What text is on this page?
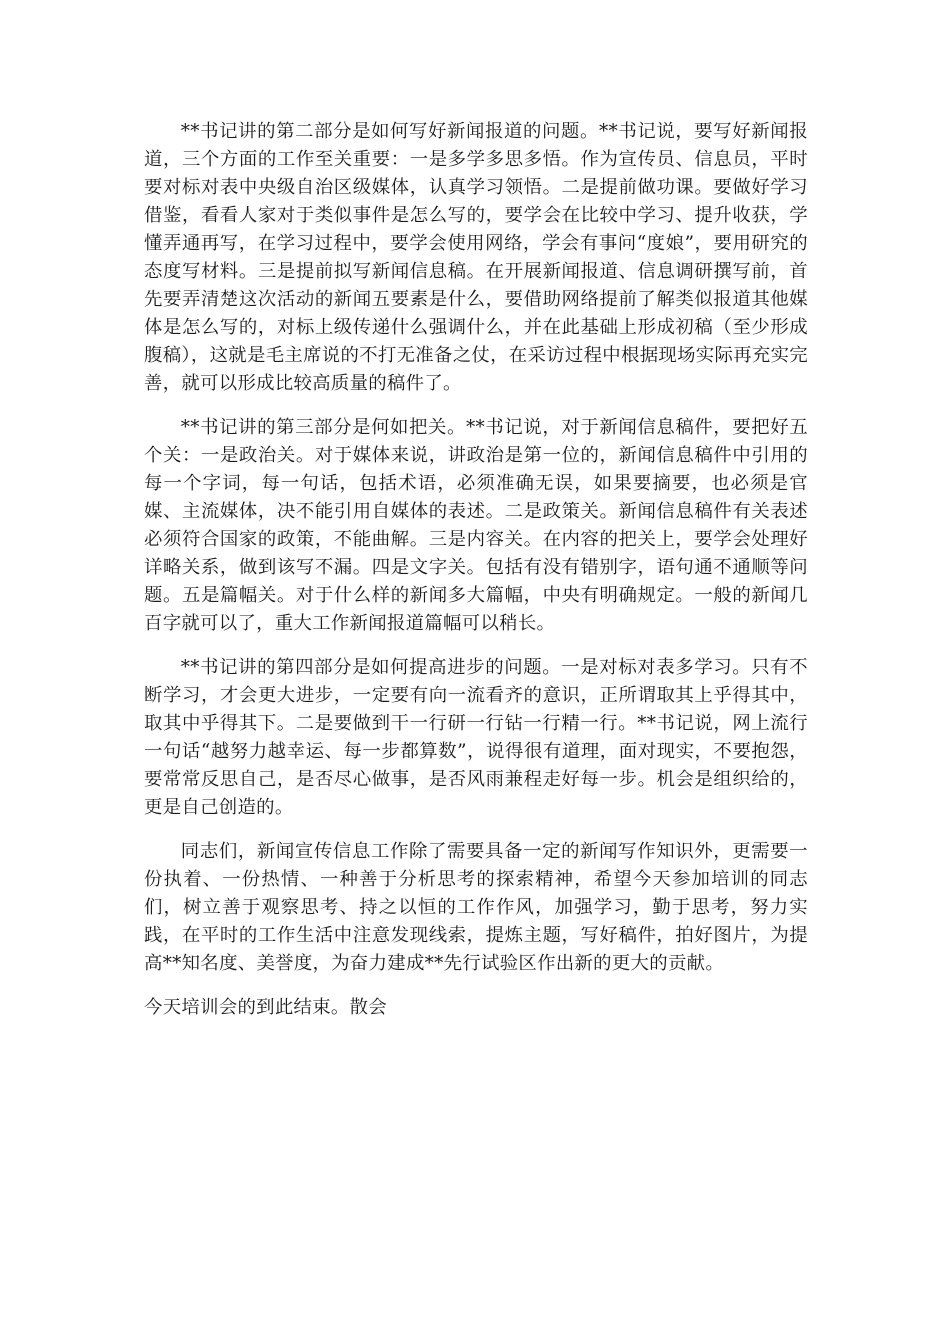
**书记讲的第二部分是如何写好新闻报道的问题。**书记说，要写好新闻报道，三个方面的工作至关重要：一是多学多思多悟。作为宣传员、信息员，平时要对标对表中央级自治区级媒体，认真学习领悟。二是提前做功课。要做好学习借鉴，看看人家对于类似事件是怎么写的，要学会在比较中学习、提升收获，学懂弄通再写，在学习过程中，要学会使用网络，学会有事问“度娘”，要用研究的态度写材料。三是提前拟写新闻信息稿。在开展新闻报道、信息调研撰写前，首先要弄清楚这次活动的新闻五要素是什么，要借助网络提前了解类似报道其他媒体是怎么写的，对标上级传递什么强调什么，并在此基础上形成初稿（至少形成腹稿），这就是毛主席说的不打无准备之仗，在采访过程中根据现场实际再充实完善，就可以形成比较高质量的稿件了。

**书记讲的第三部分是何如把关。**书记说，对于新闻信息稿件，要把好五个关：一是政治关。对于媒体来说，讲政治是第一位的，新闻信息稿件中引用的每一个字词，每一句话，包括术语，必须准确无误，如果要摘要，也必须是官媒、主流媒体，决不能引用自媒体的表述。二是政策关。新闻信息稿件有关表述必须符合国家的政策，不能曲解。三是内容关。在内容的把关上，要学会处理好详略关系，做到该写不漏。四是文字关。包括有没有错别字，语句通不通顺等问题。五是篇幅关。对于什么样的新闻多大篇幅，中央有明确规定。一般的新闻几百字就可以了，重大工作新闻报道篇幅可以稍长。

**书记讲的第四部分是如何提高进步的问题。一是对标对表多学习。只有不断学习，才会更大进步，一定要有向一流看齐的意识，正所谓取其上乎得其中，取其中乎得其下。二是要做到干一行研一行钻一行精一行。**书记说，网上流行一句话“越努力越幸运、每一步都算数”，说得很有道理，面对现实，不要抱怨，要常常反思自己，是否尽心做事，是否风雨兼程走好每一步。机会是组织给的，更是自己创造的。

同志们，新闻宣传信息工作除了需要具备一定的新闻写作知识外，更需要一份执着、一份热情、一种善于分析思考的探索精神，希望今天参加培训的同志们，树立善于观察思考、持之以恒的工作作风，加强学习，勤于思考，努力实践，在平时的工作生活中注意发现线索，提炼主题，写好稿件，拍好图片，为提高**知名度、美誉度，为奋力建成**先行试验区作出新的更大的贡献。

今天培训会的到此结束。散会
